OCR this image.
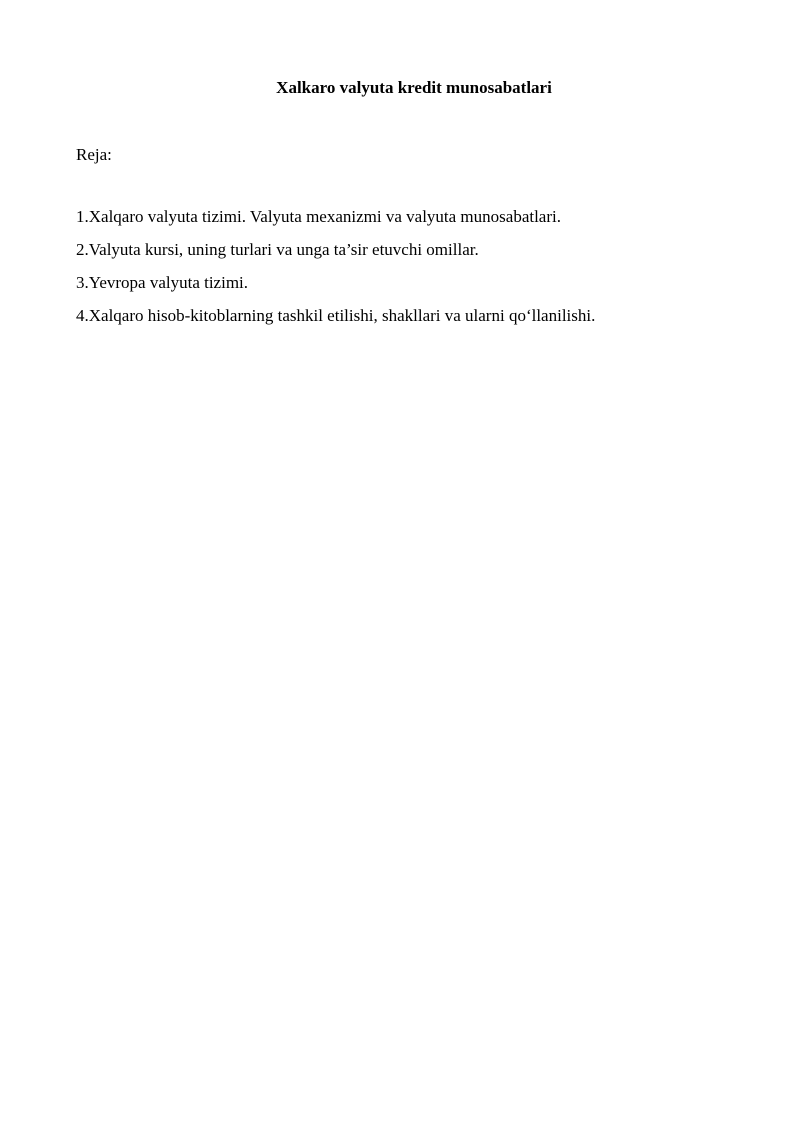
Xalkaro valyuta kredit munosabatlari

Reja:

1.Xalqaro valyuta tizimi. Valyuta mexanizmi va valyuta munosabatlari.
2.Valyuta kursi, uning turlari va unga ta’sir etuvchi omillar.
3.Yevropa valyuta tizimi.
4.Xalqaro hisob-kitoblarning tashkil etilishi, shakllari va ularni qo‘llanilishi.
